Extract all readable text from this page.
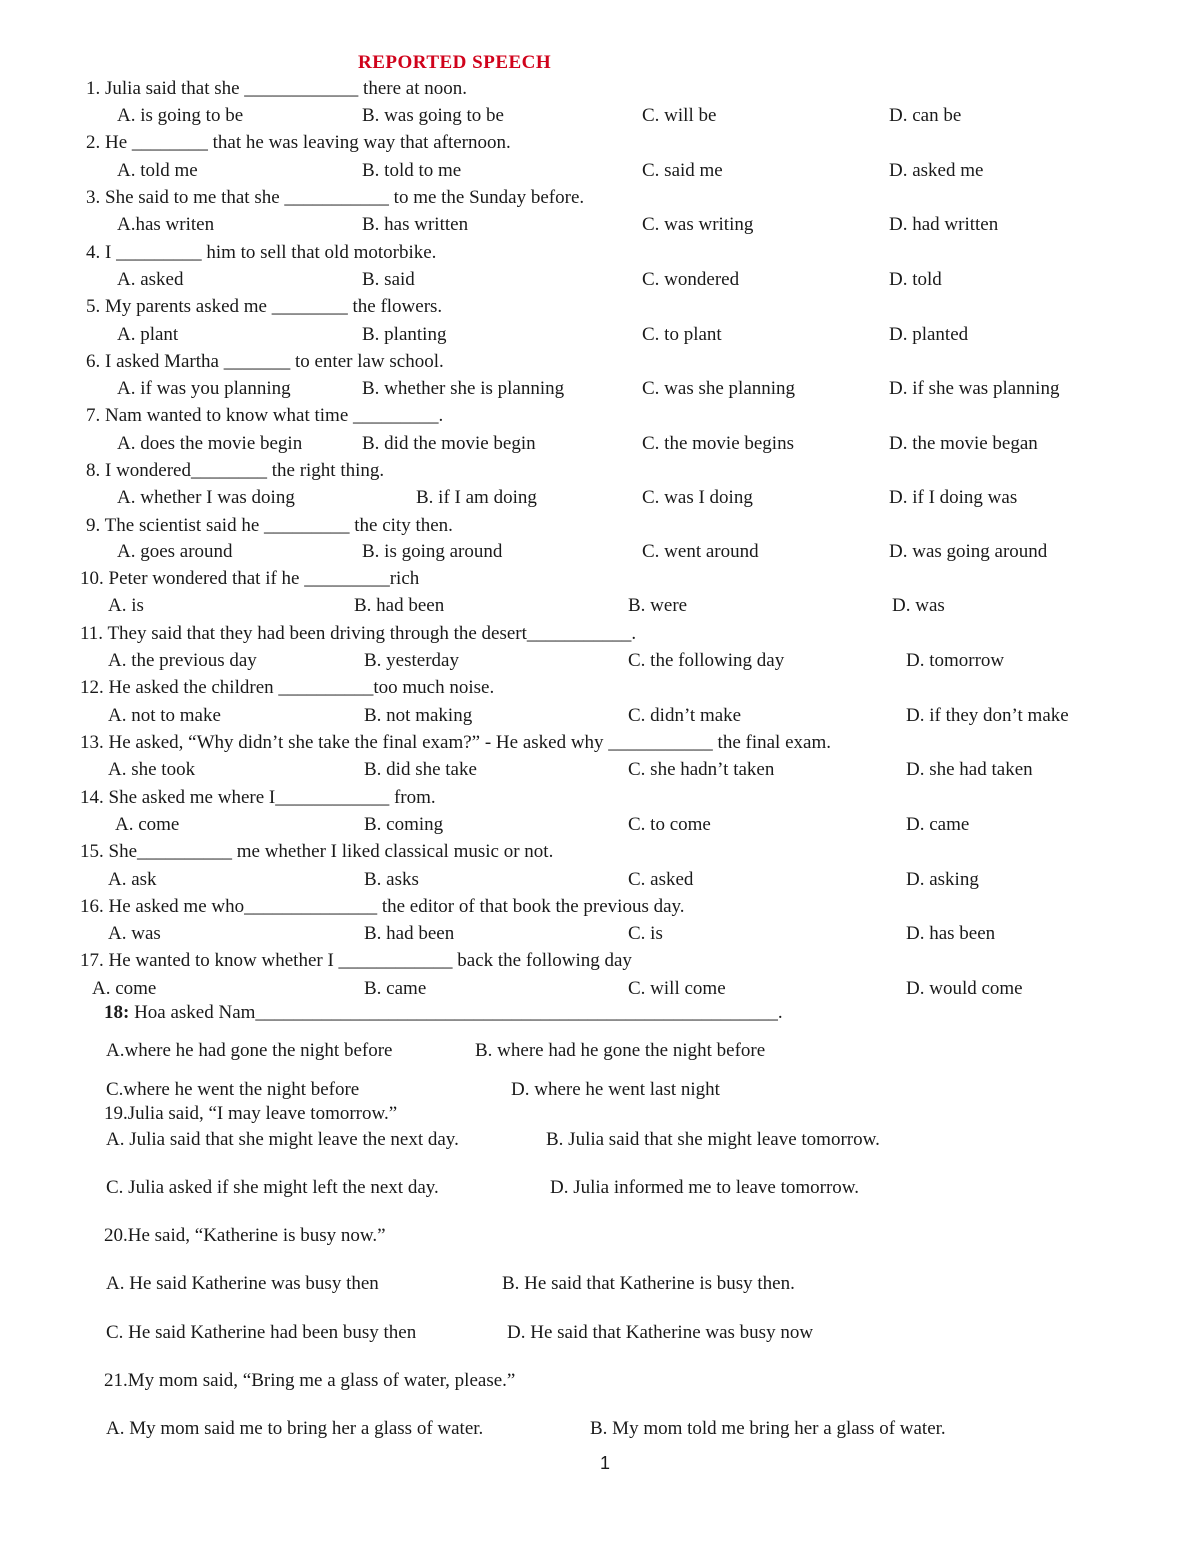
REPORTED SPEECH
1. Julia said that she ____________ there at noon.
A. is going to be	B. was going to be	C. will be	D. can be
2. He ________ that he was leaving way that afternoon.
A. told me	B. told to me	C. said me	D. asked me
3. She said to me that she ___________ to me the Sunday before.
A.has writen	B. has written	C. was writing	D. had written
4. I _________ him to sell that old motorbike.
A. asked	B. said	C. wondered	D. told
5. My parents asked me ________ the flowers.
A. plant	B. planting	C. to plant	D. planted
6. I asked Martha _______ to enter law school.
A. if was you planning	B. whether she is planning	C. was she planning	D. if she was planning
7. Nam wanted to know what time _________.
A. does the movie begin	B. did the movie begin	C. the movie begins	D. the movie began
8. I wondered________ the right thing.
A. whether I was doing	B. if I am doing	C. was I doing	D. if I doing was
9. The scientist said he _________ the city then.
A. goes around	B. is going around	C. went around	D. was going around
10. Peter wondered that if he _________rich
A. is	B. had been	B. were	D. was
11. They said that they had been driving through the desert___________.
A. the previous day	B. yesterday	C. the following day	D. tomorrow
12. He asked the children __________too much noise.
A. not to make	B. not making	C. didn’t make	D. if they don’t make
13. He asked, “Why didn’t she take the final exam?” - He asked why ___________ the final exam.
A. she took	B. did she take	C. she hadn’t taken	D. she had taken
14. She asked me where I____________ from.
A. come	B. coming	C. to come	D. came
15. She__________ me whether I liked classical music or not.
A. ask	B. asks	C. asked	D. asking
16. He asked me who______________ the editor of that book the previous day.
A. was	B. had been	C. is	D. has been
17. He wanted to know whether I ____________ back the following day
A. come	B. came	C. will come	D. would come
18: Hoa asked Nam_______________________________________________________.
A.where he had gone the night before	B. where had he gone the night before
C.where he went the night before	D. where he went last night
19.Julia said, “I may leave tomorrow.”
A. Julia said that she might leave the next day.	B. Julia said that she might leave tomorrow.
C. Julia asked if she might left the next day.	D. Julia informed me to leave tomorrow.
20.He said, “Katherine is busy now.”
A. He said Katherine was busy then	B. He said that Katherine is busy then.
C. He said Katherine had been busy then	D. He said that Katherine was busy now
21.My mom said, “Bring me a glass of water, please.”
A. My mom said me to bring her a glass of water.	B. My mom told me bring her a glass of water.
1
